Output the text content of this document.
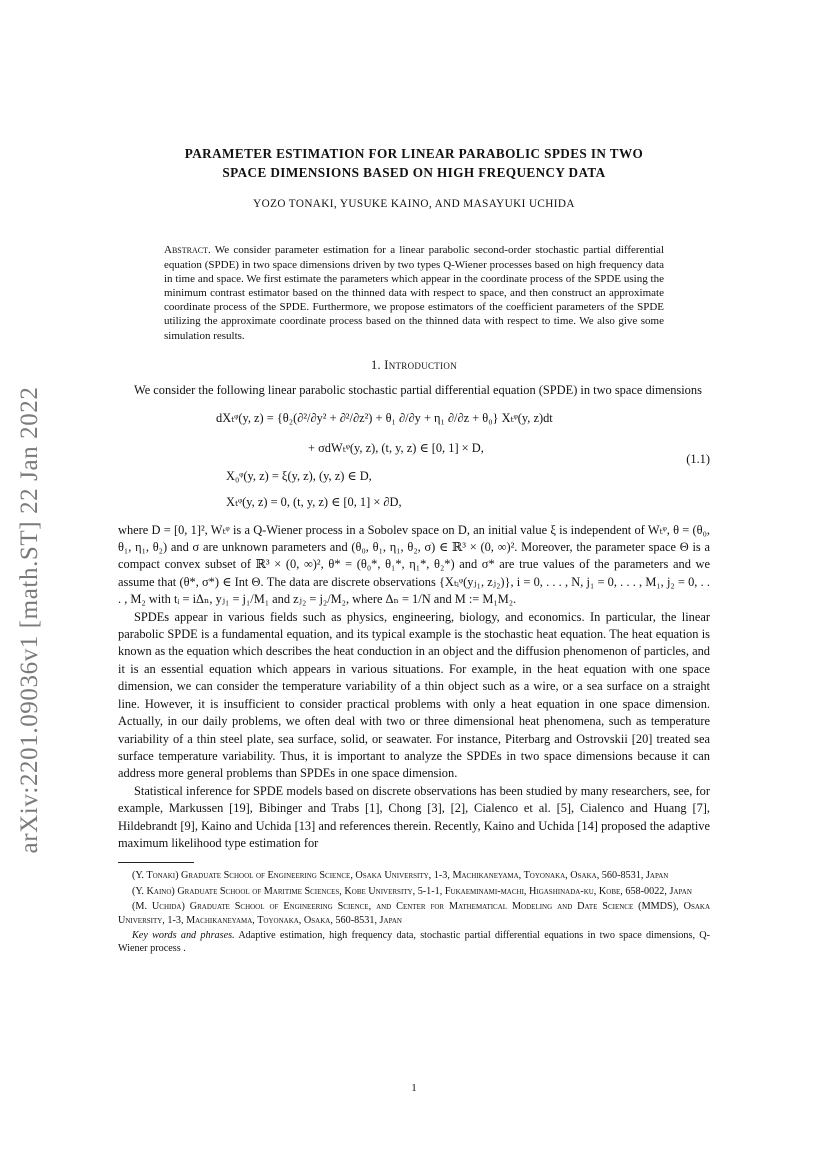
arXiv:2201.09036v1 [math.ST] 22 Jan 2022
PARAMETER ESTIMATION FOR LINEAR PARABOLIC SPDES IN TWO
SPACE DIMENSIONS BASED ON HIGH FREQUENCY DATA
YOZO TONAKI, YUSUKE KAINO, AND MASAYUKI UCHIDA
Abstract. We consider parameter estimation for a linear parabolic second-order stochastic partial differential equation (SPDE) in two space dimensions driven by two types Q-Wiener processes based on high frequency data in time and space. We first estimate the parameters which appear in the coordinate process of the SPDE using the minimum contrast estimator based on the thinned data with respect to space, and then construct an approximate coordinate process of the SPDE. Furthermore, we propose estimators of the coefficient parameters of the SPDE utilizing the approximate coordinate process based on the thinned data with respect to time. We also give some simulation results.
1. Introduction

We consider the following linear parabolic stochastic partial differential equation (SPDE) in two space dimensions

dXₜᵠ(y, z) = {θ₂(∂²/∂y² + ∂²/∂z²) + θ₁ ∂/∂y + η₁ ∂/∂z + θ₀} Xₜᵠ(y, z)dt
+ σdWₜᵠ(y, z), (t, y, z) ∈ [0, 1] × D,
X₀ᵠ(y, z) = ξ(y, z), (y, z) ∈ D,
Xₜᵠ(y, z) = 0, (t, y, z) ∈ [0, 1] × ∂D,
(1.1)

where D = [0, 1]², Wₜᵠ is a Q-Wiener process in a Sobolev space on D, an initial value ξ is independent of Wₜᵠ, θ = (θ₀, θ₁, η₁, θ₂) and σ are unknown parameters and (θ₀, θ₁, η₁, θ₂, σ) ∈ ℝ³ × (0, ∞)². Moreover, the parameter space Θ is a compact convex subset of ℝ³ × (0, ∞)², θ* = (θ₀*, θ₁*, η₁*, θ₂*) and σ* are true values of the parameters and we assume that (θ*, σ*) ∈ Int Θ. The data are discrete observations {Xₜᵢᵠ(yⱼ₁, zⱼ₂)}, i = 0, . . . , N, j₁ = 0, . . . , M₁, j₂ = 0, . . . , M₂ with tᵢ = iΔₙ, yⱼ₁ = j₁/M₁ and zⱼ₂ = j₂/M₂, where Δₙ = 1/N and M := M₁M₂.

SPDEs appear in various fields such as physics, engineering, biology, and economics. In particular, the linear parabolic SPDE is a fundamental equation, and its typical example is the stochastic heat equation. The heat equation is known as the equation which describes the heat conduction in an object and the diffusion phenomenon of particles, and it is an essential equation which appears in various situations. For example, in the heat equation with one space dimension, we can consider the temperature variability of a thin object such as a wire, or a sea surface on a straight line. However, it is insufficient to consider practical problems with only a heat equation in one space dimension. Actually, in our daily problems, we often deal with two or three dimensional heat phenomena, such as temperature variability of a thin steel plate, sea surface, solid, or seawater. For instance, Piterbarg and Ostrovskii [20] treated sea surface temperature variability. Thus, it is important to analyze the SPDEs in two space dimensions because it can address more general problems than SPDEs in one space dimension.

Statistical inference for SPDE models based on discrete observations has been studied by many researchers, see, for example, Markussen [19], Bibinger and Trabs [1], Chong [3], [2], Cialenco et al. [5], Cialenco and Huang [7], Hildebrandt [9], Kaino and Uchida [13] and references therein. Recently, Kaino and Uchida [14] proposed the adaptive maximum likelihood type estimation for

(Y. Tonaki) Graduate School of Engineering Science, Osaka University, 1-3, Machikaneyama, Toyonaka, Osaka, 560-8531, Japan
(Y. Kaino) Graduate School of Maritime Sciences, Kobe University, 5-1-1, Fukaeminami-machi, Higashinada-ku, Kobe, 658-0022, Japan
(M. Uchida) Graduate School of Engineering Science, and Center for Mathematical Modeling and Date Science (MMDS), Osaka University, 1-3, Machikaneyama, Toyonaka, Osaka, 560-8531, Japan
Key words and phrases. Adaptive estimation, high frequency data, stochastic partial differential equations in two space dimensions, Q-Wiener process .
1
